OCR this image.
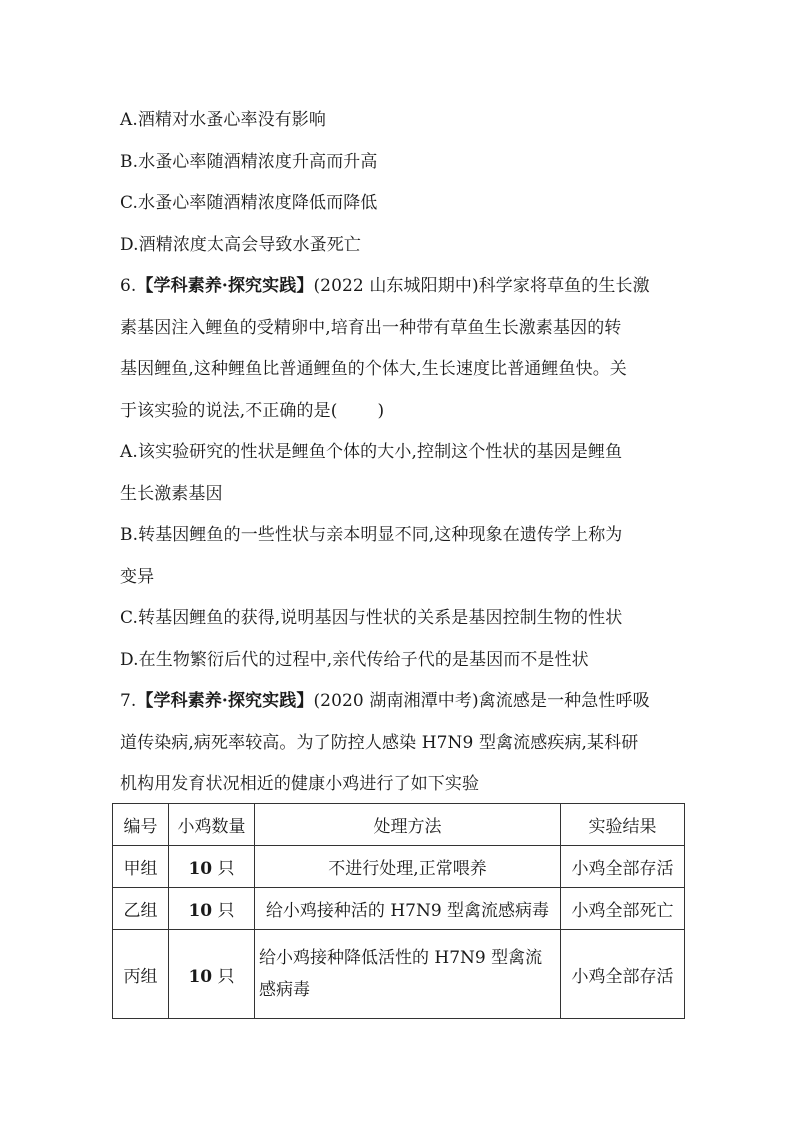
A.酒精对水蚤心率没有影响
B.水蚤心率随酒精浓度升高而升高
C.水蚤心率随酒精浓度降低而降低
D.酒精浓度太高会导致水蚤死亡
6.【学科素养·探究实践】(2022 山东城阳期中)科学家将草鱼的生长激
素基因注入鲤鱼的受精卵中,培育出一种带有草鱼生长激素基因的转
基因鲤鱼,这种鲤鱼比普通鲤鱼的个体大,生长速度比普通鲤鱼快。关
于该实验的说法,不正确的是( )
A.该实验研究的性状是鲤鱼个体的大小,控制这个性状的基因是鲤鱼
生长激素基因
B.转基因鲤鱼的一些性状与亲本明显不同,这种现象在遗传学上称为
变异
C.转基因鲤鱼的获得,说明基因与性状的关系是基因控制生物的性状
D.在生物繁衍后代的过程中,亲代传给子代的是基因而不是性状
7.【学科素养·探究实践】(2020 湖南湘潭中考)禽流感是一种急性呼吸
道传染病,病死率较高。为了防控人感染 H7N9 型禽流感疾病,某科研
机构用发育状况相近的健康小鸡进行了如下实验
编号	小鸡数量	处理方法	实验结果
甲组	10 只	不进行处理,正常喂养	小鸡全部存活
乙组	10 只	给小鸡接种活的 H7N9 型禽流感病毒	小鸡全部死亡
丙组	10 只	给小鸡接种降低活性的 H7N9 型禽流
感病毒	小鸡全部存活
